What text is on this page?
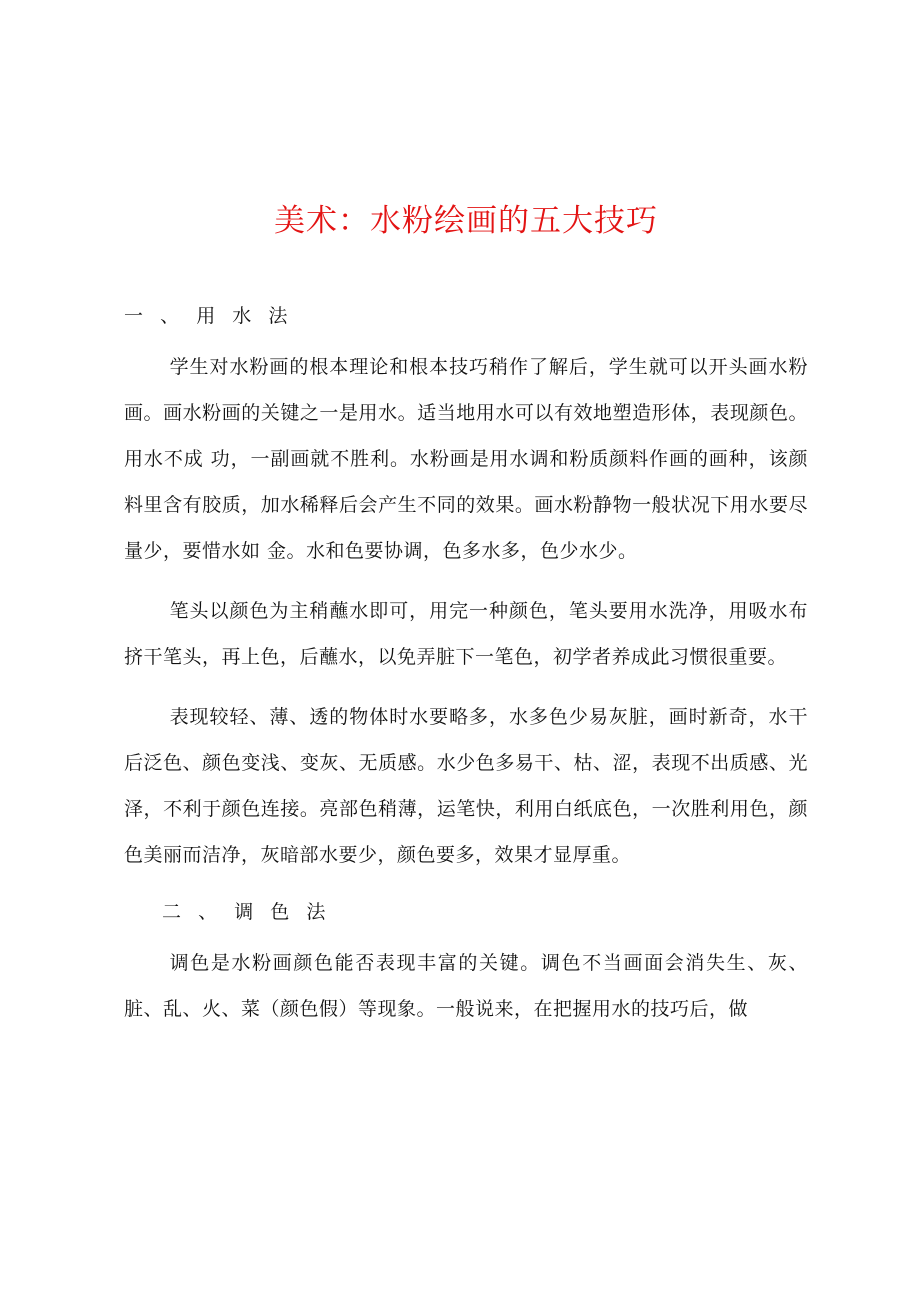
美术：水粉绘画的五大技巧

一、用水法

学生对水粉画的根本理论和根本技巧稍作了解后，学生就可以开头画水粉画。画水粉画的关键之一是用水。适当地用水可以有效地塑造形体，表现颜色。用水不成 功，一副画就不胜利。水粉画是用水调和粉质颜料作画的画种，该颜料里含有胶质，加水稀释后会产生不同的效果。画水粉静物一般状况下用水要尽量少，要惜水如 金。水和色要协调，色多水多，色少水少。

笔头以颜色为主稍蘸水即可，用完一种颜色，笔头要用水洗净，用吸水布挤干笔头，再上色，后蘸水，以免弄脏下一笔色，初学者养成此习惯很重要。

表现较轻、薄、透的物体时水要略多，水多色少易灰脏，画时新奇，水干后泛色、颜色变浅、变灰、无质感。水少色多易干、枯、涩，表现不出质感、光泽，不利于颜色连接。亮部色稍薄，运笔快，利用白纸底色，一次胜利用色，颜色美丽而洁净，灰暗部水要少，颜色要多，效果才显厚重。

二、调色法

调色是水粉画颜色能否表现丰富的关键。调色不当画面会消失生、灰、脏、乱、火、菜（颜色假）等现象。一般说来，在把握用水的技巧后，做
